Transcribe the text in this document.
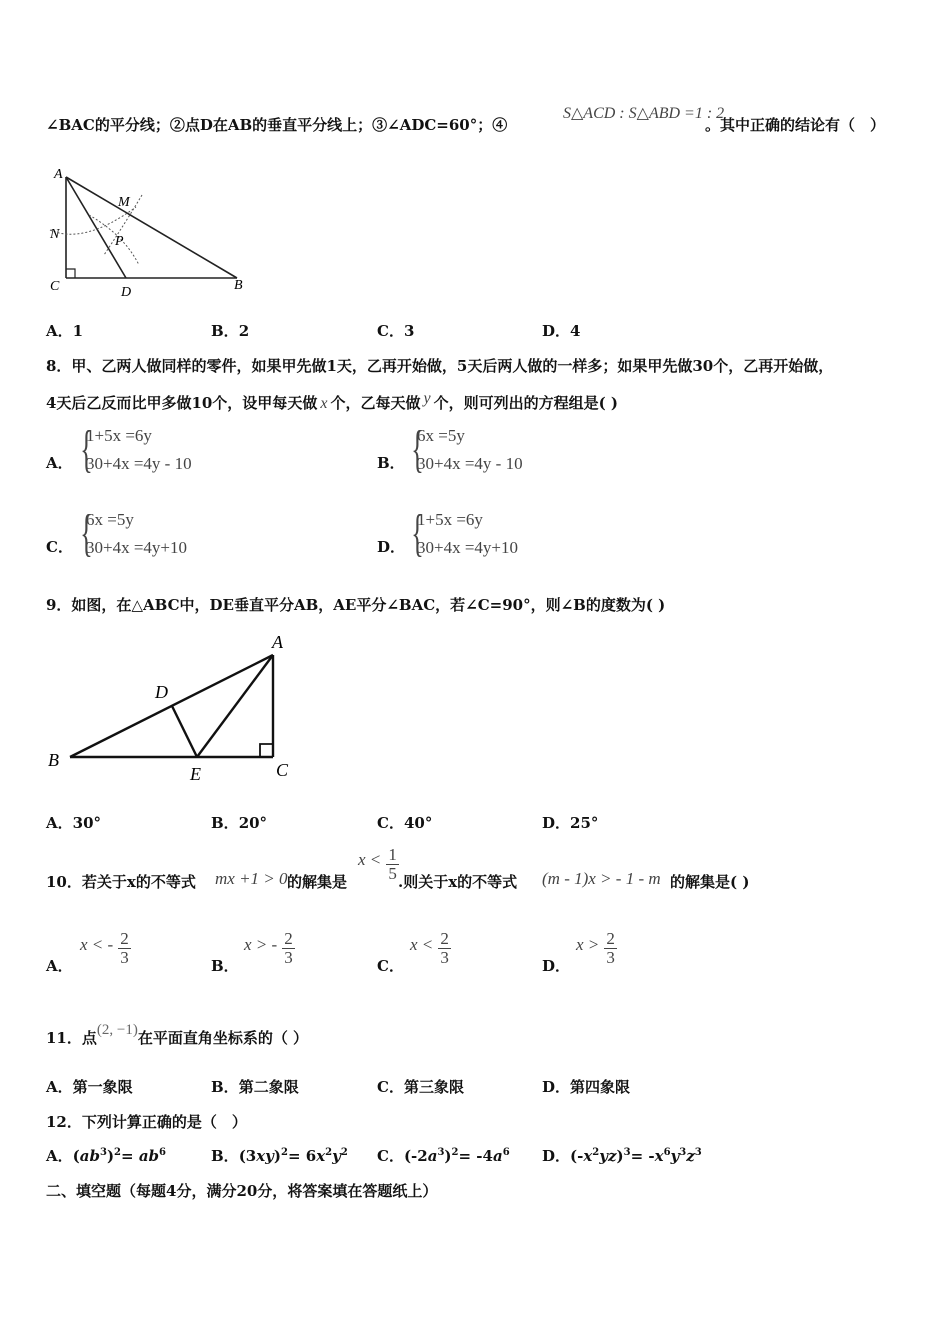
∠BAC的平分线；②点D在AB的垂直平分线上；③∠ADC=60°；④
S△ACD : S△ABD =1 : 2
。其中正确的结论有（　）
A
M
N	P
C	D	B
A．1	B．2	C．3	D．4
8．甲、乙两人做同样的零件，如果甲先做1天，乙再开始做，5天后两人做的一样多；如果甲先做30个，乙再开始做，
4天后乙反而比甲多做10个，设甲每天做 x 个，乙每天做 y 个，则可列出的方程组是( )
A． {
1+5x =6y
30+4x =4y - 10	B． {
6x =5y
30+4x =4y - 10
C． {
6x =5y
30+4x =4y+10	D． {
1+5x =6y
30+4x =4y+10
9．如图，在△ABC中，DE垂直平分AB，AE平分∠BAC，若∠C=90°，则∠B的度数为( )
A
D
B
E	C
A．30°	B．20°	C．40°	D．25°
10．若关于x的不等式 mx +1 > 0 的解集是
$x < \frac{1}{5}$ .则关于x的不等式 (m - 1)x > - 1 - m 的解集是( )
A．
x < - $\frac{2}{3}$	B．
x > - $\frac{2}{3}$	C．
$x < \frac{2}{3}$	D．
$x > \frac{2}{3}$
11．点(2, −1)在平面直角坐标系的（ ）
A．第一象限	B．第二象限	C．第三象限	D．第四象限
12．下列计算正确的是（　）
A．$(ab^3)^2= ab^6$	B．$(3xy)^2= 6x^2y^2$ C．$(-2a^3)^2= -4a^6$ D．$(-x^2yz)^3= -x^6y^3z^3$
二、填空题（每题4分，满分20分，将答案填在答题纸上）
